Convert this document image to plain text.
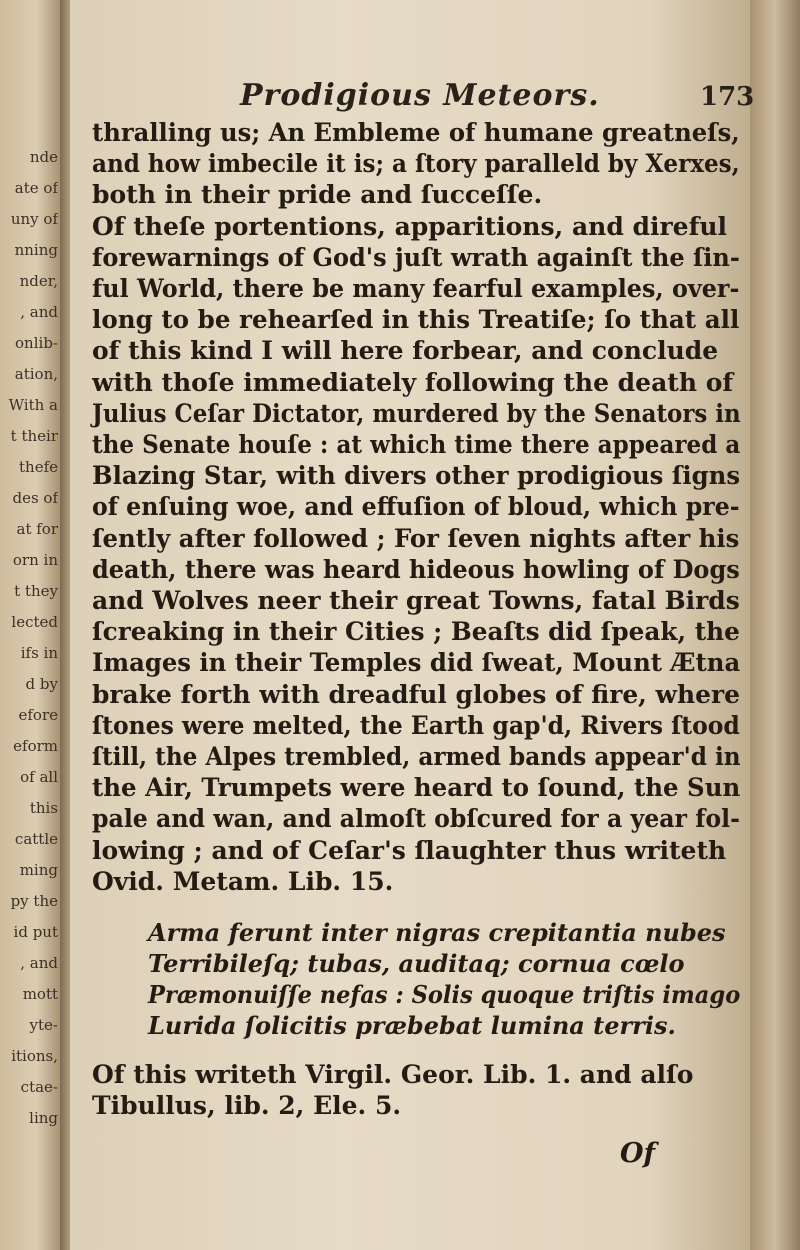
nde
ate of
uny of
nning
nder,
, and
onlib-
ation,
With a
t their
thefe
des of
at for
orn in
t they
lected
ifs in
d by
efore
eform
of all
this
cattle
ming
py the
id put
, and
mott
yte-
itions,
ctae-
ling
Prodigious Meteors.	173
thralling us; An Embleme of humane greatneſs,
and how imbecile it is; a ſtory paralleld by Xerxes,
both in their pride and ſucceſſe.
Of theſe portentions, apparitions, and direful
forewarnings of God's juſt wrath againſt the ſin-
ful World, there be many fearful examples, over-
long to be rehearſed in this Treatiſe; ſo that all
of this kind I will here forbear, and conclude
with thoſe immediately following the death of
Julius Ceſar Dictator, murdered by the Senators in
the Senate houſe : at which time there appeared a
Blazing Star, with divers other prodigious ſigns
of enſuing woe, and effuſion of bloud, which pre-
ſently after followed ; For ſeven nights after his
death, there was heard hideous howling of Dogs
and Wolves neer their great Towns, fatal Birds
ſcreaking in their Cities ; Beaſts did ſpeak, the
Images in their Temples did ſweat, Mount Ætna
brake forth with dreadful globes of fire, where
ſtones were melted, the Earth gap'd, Rivers ſtood
ſtill, the Alpes trembled, armed bands appear'd in
the Air, Trumpets were heard to ſound, the Sun
pale and wan, and almoſt obſcured for a year fol-
lowing ; and of Ceſar's ſlaughter thus writeth
Ovid. Metam. Lib. 15.
Arma ferunt inter nigras crepitantia nubes
Terribileſq; tubas, auditaq; cornua cœlo
Præmonuiſſe nefas : Solis quoque triſtis imago
Lurida ſolicitis præbebat lumina terris.
Of this writeth Virgil. Geor. Lib. 1. and alſo
Tibullus, lib. 2, Ele. 5.
Of
